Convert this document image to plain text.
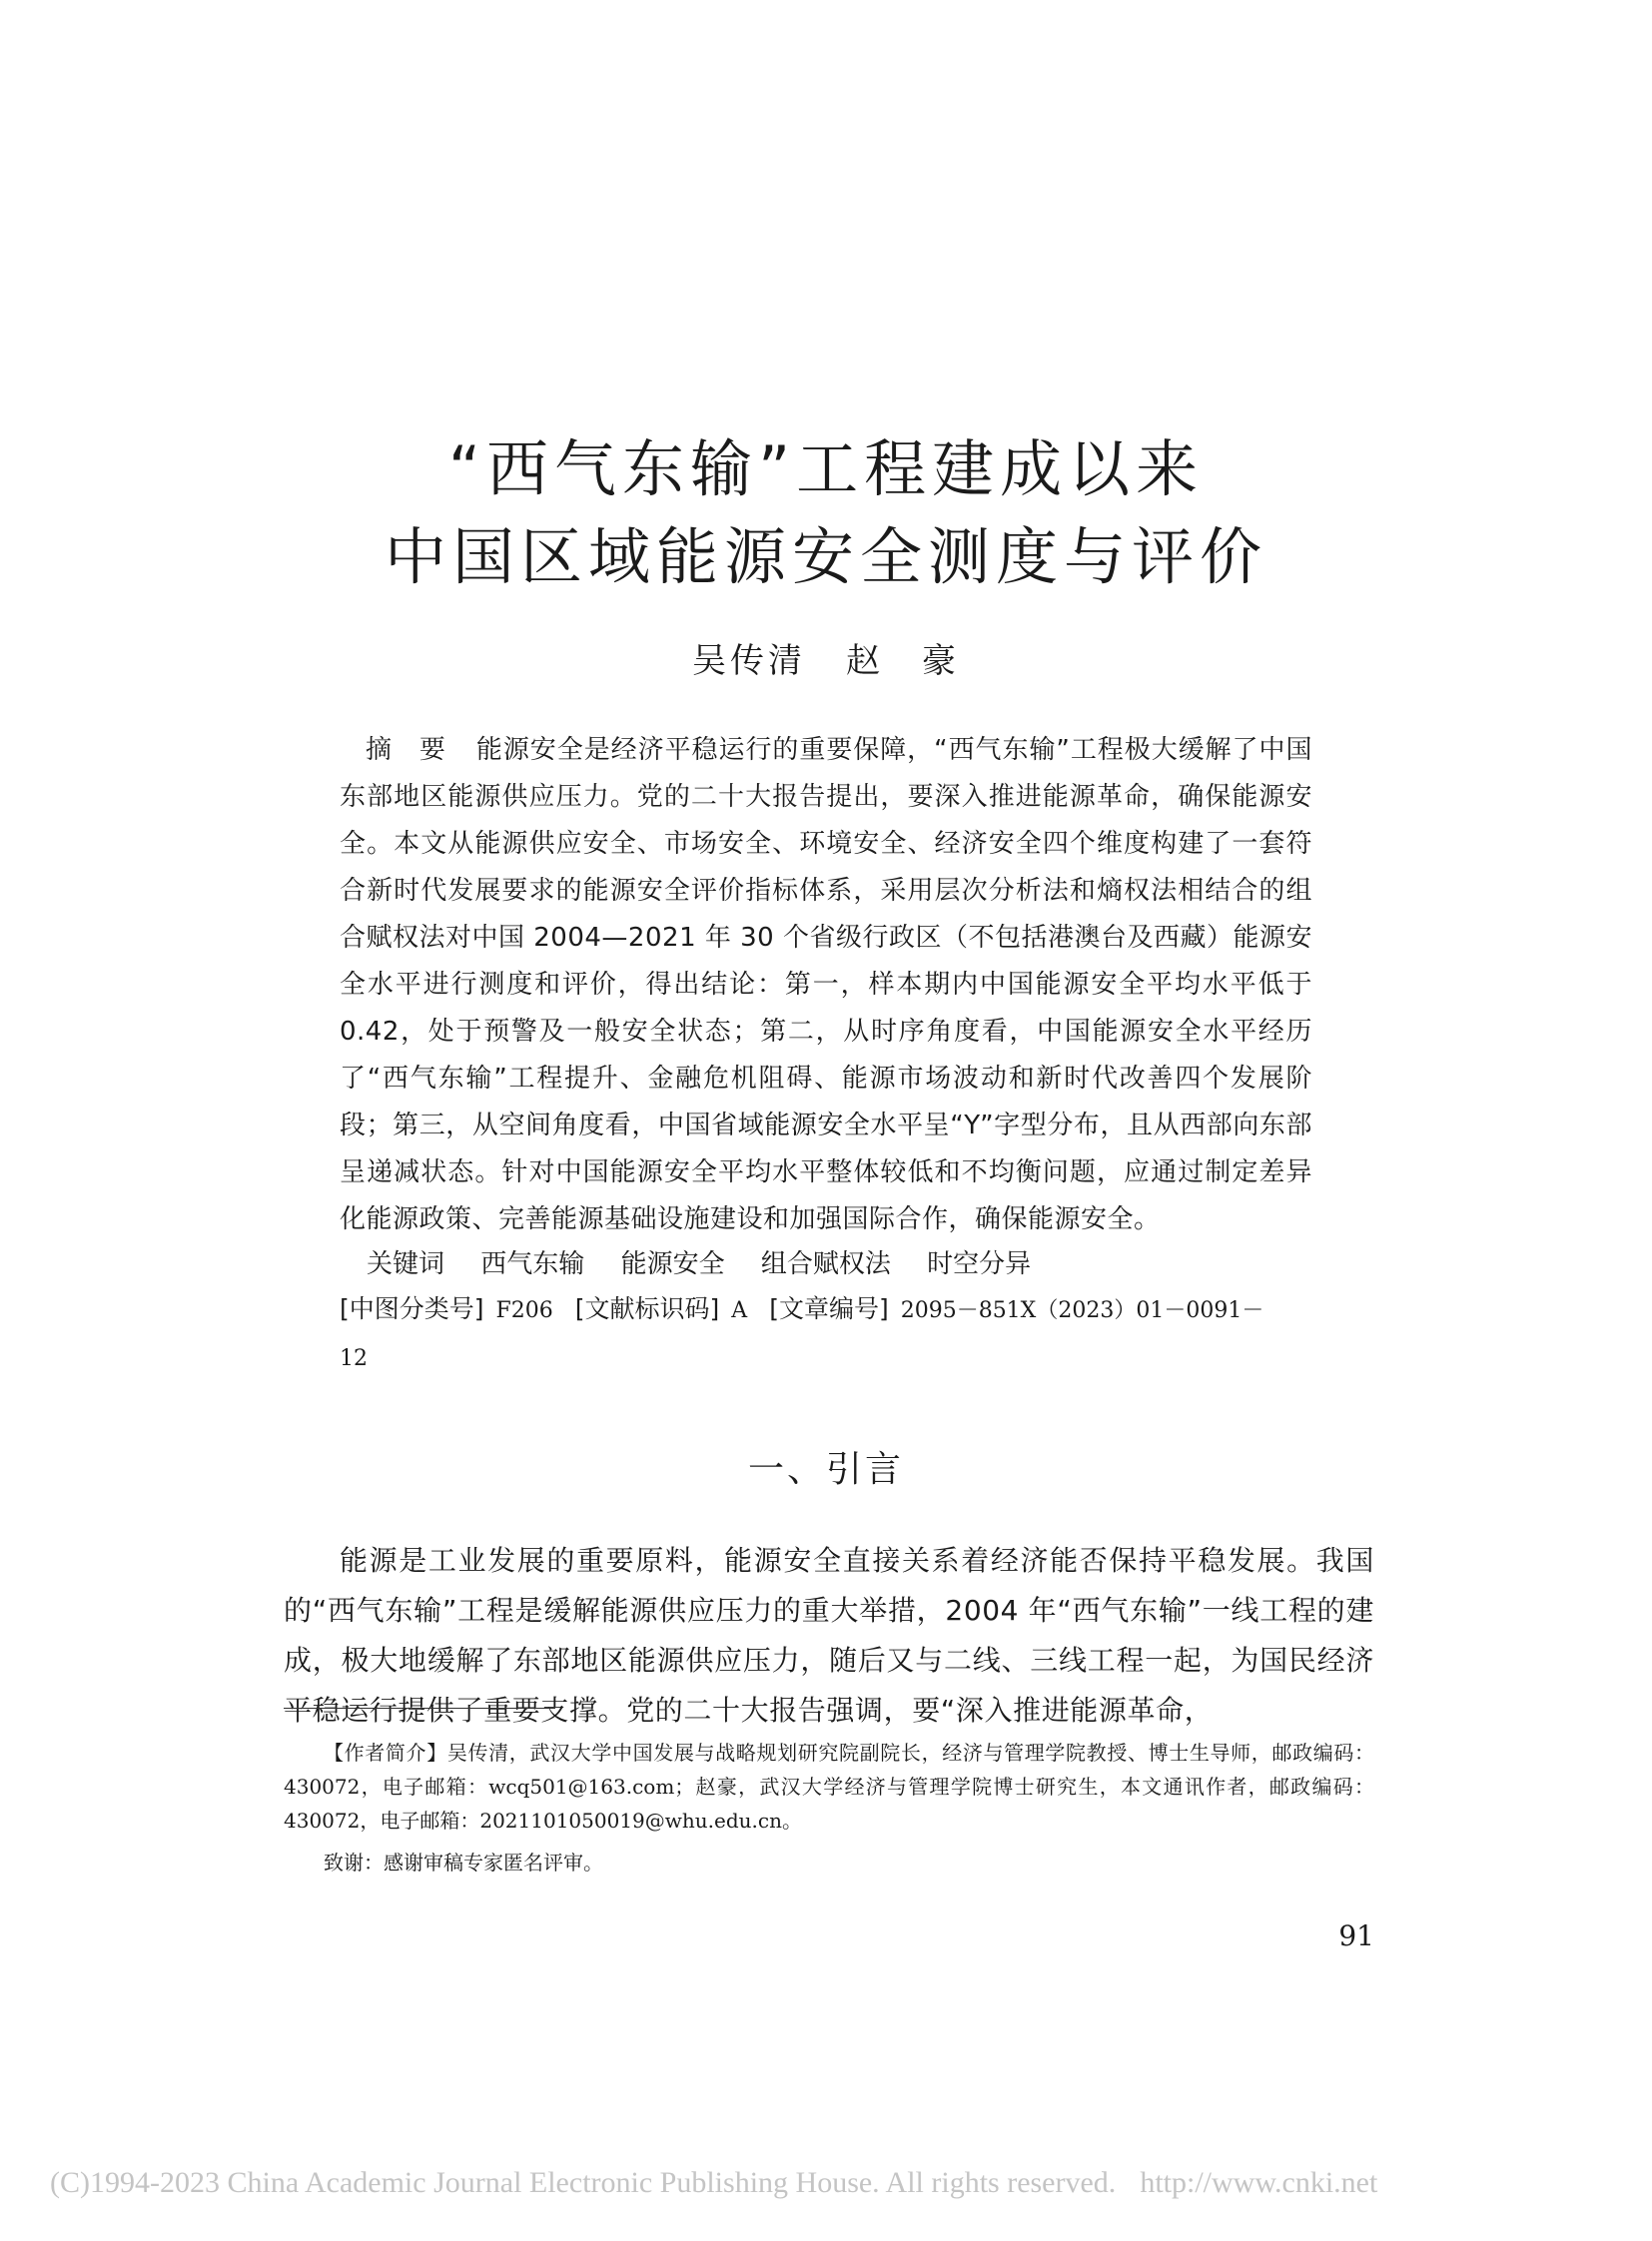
“西气东输”工程建成以来
中国区域能源安全测度与评价
吴传清 赵　豪

摘　要 能源安全是经济平稳运行的重要保障，“西气东输”工程极大缓解了中国东部地区能源供应压力。党的二十大报告提出，要深入推进能源革命，确保能源安全。本文从能源供应安全、市场安全、环境安全、经济安全四个维度构建了一套符合新时代发展要求的能源安全评价指标体系，采用层次分析法和熵权法相结合的组合赋权法对中国 2004—2021 年 30 个省级行政区（不包括港澳台及西藏）能源安全水平进行测度和评价，得出结论：第一，样本期内中国能源安全平均水平低于 0.42，处于预警及一般安全状态；第二，从时序角度看，中国能源安全水平经历了“西气东输”工程提升、金融危机阻碍、能源市场波动和新时代改善四个发展阶段；第三，从空间角度看，中国省域能源安全水平呈“Y”字型分布，且从西部向东部呈递减状态。针对中国能源安全平均水平整体较低和不均衡问题，应通过制定差异化能源政策、完善能源基础设施建设和加强国际合作，确保能源安全。

关键词 西气东输 能源安全 组合赋权法 时空分异
[中图分类号] F206 [文献标识码] A [文章编号] 2095－851X（2023）01－0091－12
一、引言

能源是工业发展的重要原料，能源安全直接关系着经济能否保持平稳发展。我国的“西气东输”工程是缓解能源供应压力的重大举措，2004 年“西气东输”一线工程的建成，极大地缓解了东部地区能源供应压力，随后又与二线、三线工程一起，为国民经济平稳运行提供了重要支撑。党的二十大报告强调，要“深入推进能源革命，

【作者简介】吴传清，武汉大学中国发展与战略规划研究院副院长，经济与管理学院教授、博士生导师，邮政编码：430072，电子邮箱：wcq501@163.com；赵豪，武汉大学经济与管理学院博士研究生，本文通讯作者，邮政编码：430072，电子邮箱：2021101050019@whu.edu.cn。

致谢：感谢审稿专家匿名评审。

91
(C)1994-2023 China Academic Journal Electronic Publishing House. All rights reserved. http://www.cnki.net
